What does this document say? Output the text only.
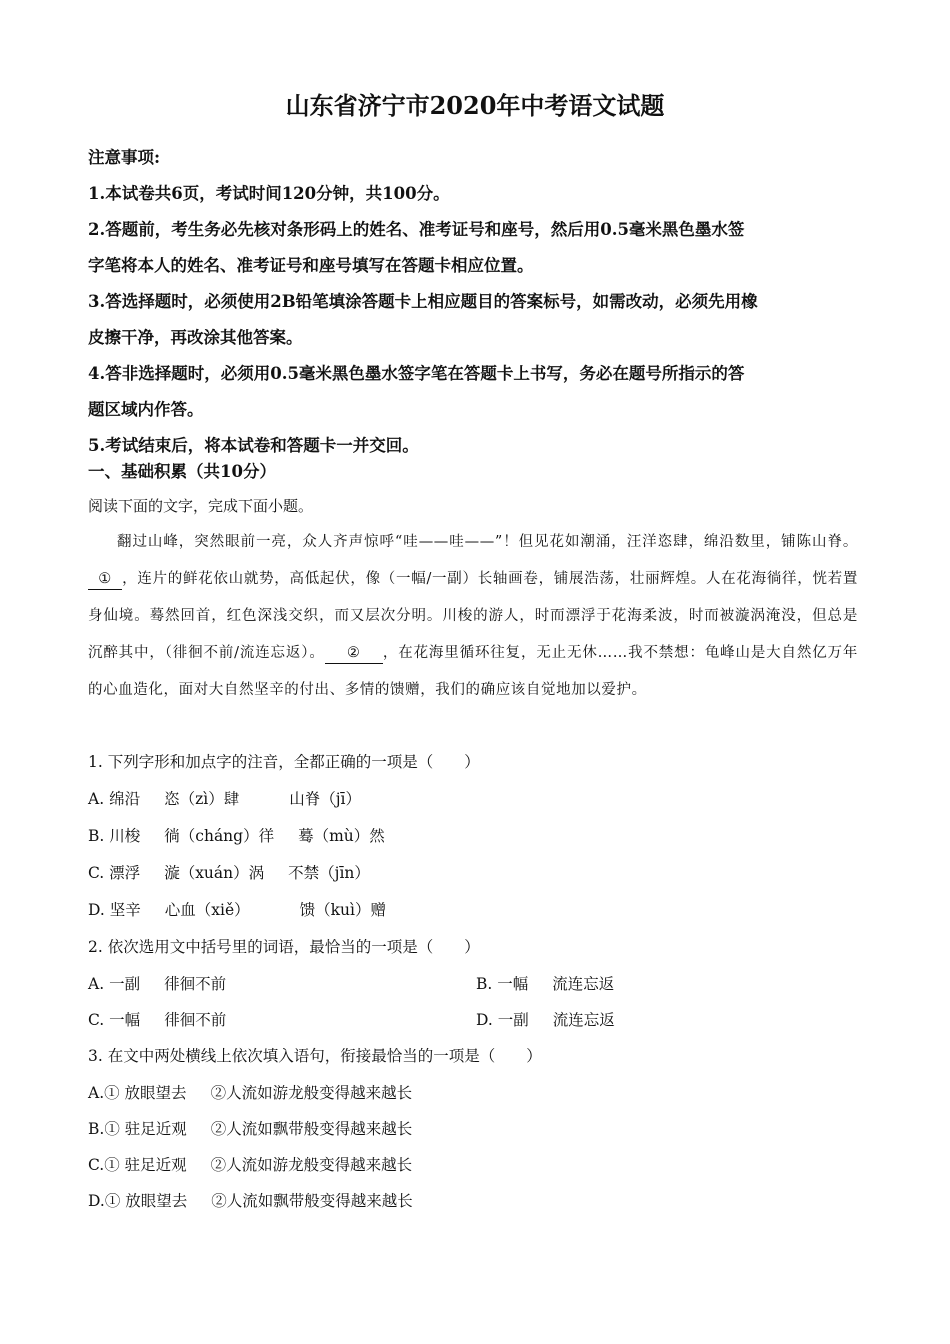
山东省济宁市2020年中考语文试题
注意事项:
1.本试卷共6页，考试时间120分钟，共100分。
2.答题前，考生务必先核对条形码上的姓名、准考证号和座号，然后用0.5毫米黑色墨水签
字笔将本人的姓名、准考证号和座号填写在答题卡相应位置。
3.答选择题时，必须使用2B铅笔填涂答题卡上相应题目的答案标号，如需改动，必须先用橡
皮擦干净，再改涂其他答案。
4.答非选择题时，必须用0.5毫米黑色墨水签字笔在答题卡上书写，务必在题号所指示的答
题区域内作答。
5.考试结束后，将本试卷和答题卡一并交回。
一、基础积累（共10分）
阅读下面的文字，完成下面小题。
翻过山峰，突然眼前一亮，众人齐声惊呼“哇——哇——”！但见花如潮涌，汪洋恣肆，绵沿数里，铺陈山脊。① ，连片的鲜花依山就势，高低起伏，像（一幅/一副）长轴画卷，铺展浩荡，壮丽辉煌。人在花海徜徉，恍若置身仙境。蓦然回首，红色深浅交织，而又层次分明。川梭的游人，时而漂浮于花海柔波，时而被漩涡淹没，但总是沉醉其中，（徘徊不前/流连忘返）。 ② ，在花海里循环往复，无止无休……我不禁想：龟峰山是大自然亿万年的心血造化，面对大自然坚辛的付出、多情的馈赠，我们的确应该自觉地加以爱护。
1. 下列字形和加点字的注音，全都正确的一项是（　　）
A. 绵沿 恣（zì）肆	山脊（jī）
B. 川梭 徜（cháng）徉 蓦（mù）然
C. 漂浮 漩（xuán）涡 不禁（jīn）
D. 坚辛 心血（xiě）	馈（kuì）赠
2. 依次选用文中括号里的词语，最恰当的一项是（　　）
A. 一副 徘徊不前	B. 一幅 流连忘返
C. 一幅 徘徊不前	D. 一副 流连忘返
3. 在文中两处横线上依次填入语句，衔接最恰当的一项是（　　）
A.① 放眼望去 ②人流如游龙般变得越来越长
B.① 驻足近观 ②人流如飘带般变得越来越长
C.① 驻足近观 ②人流如游龙般变得越来越长
D.① 放眼望去 ②人流如飘带般变得越来越长
